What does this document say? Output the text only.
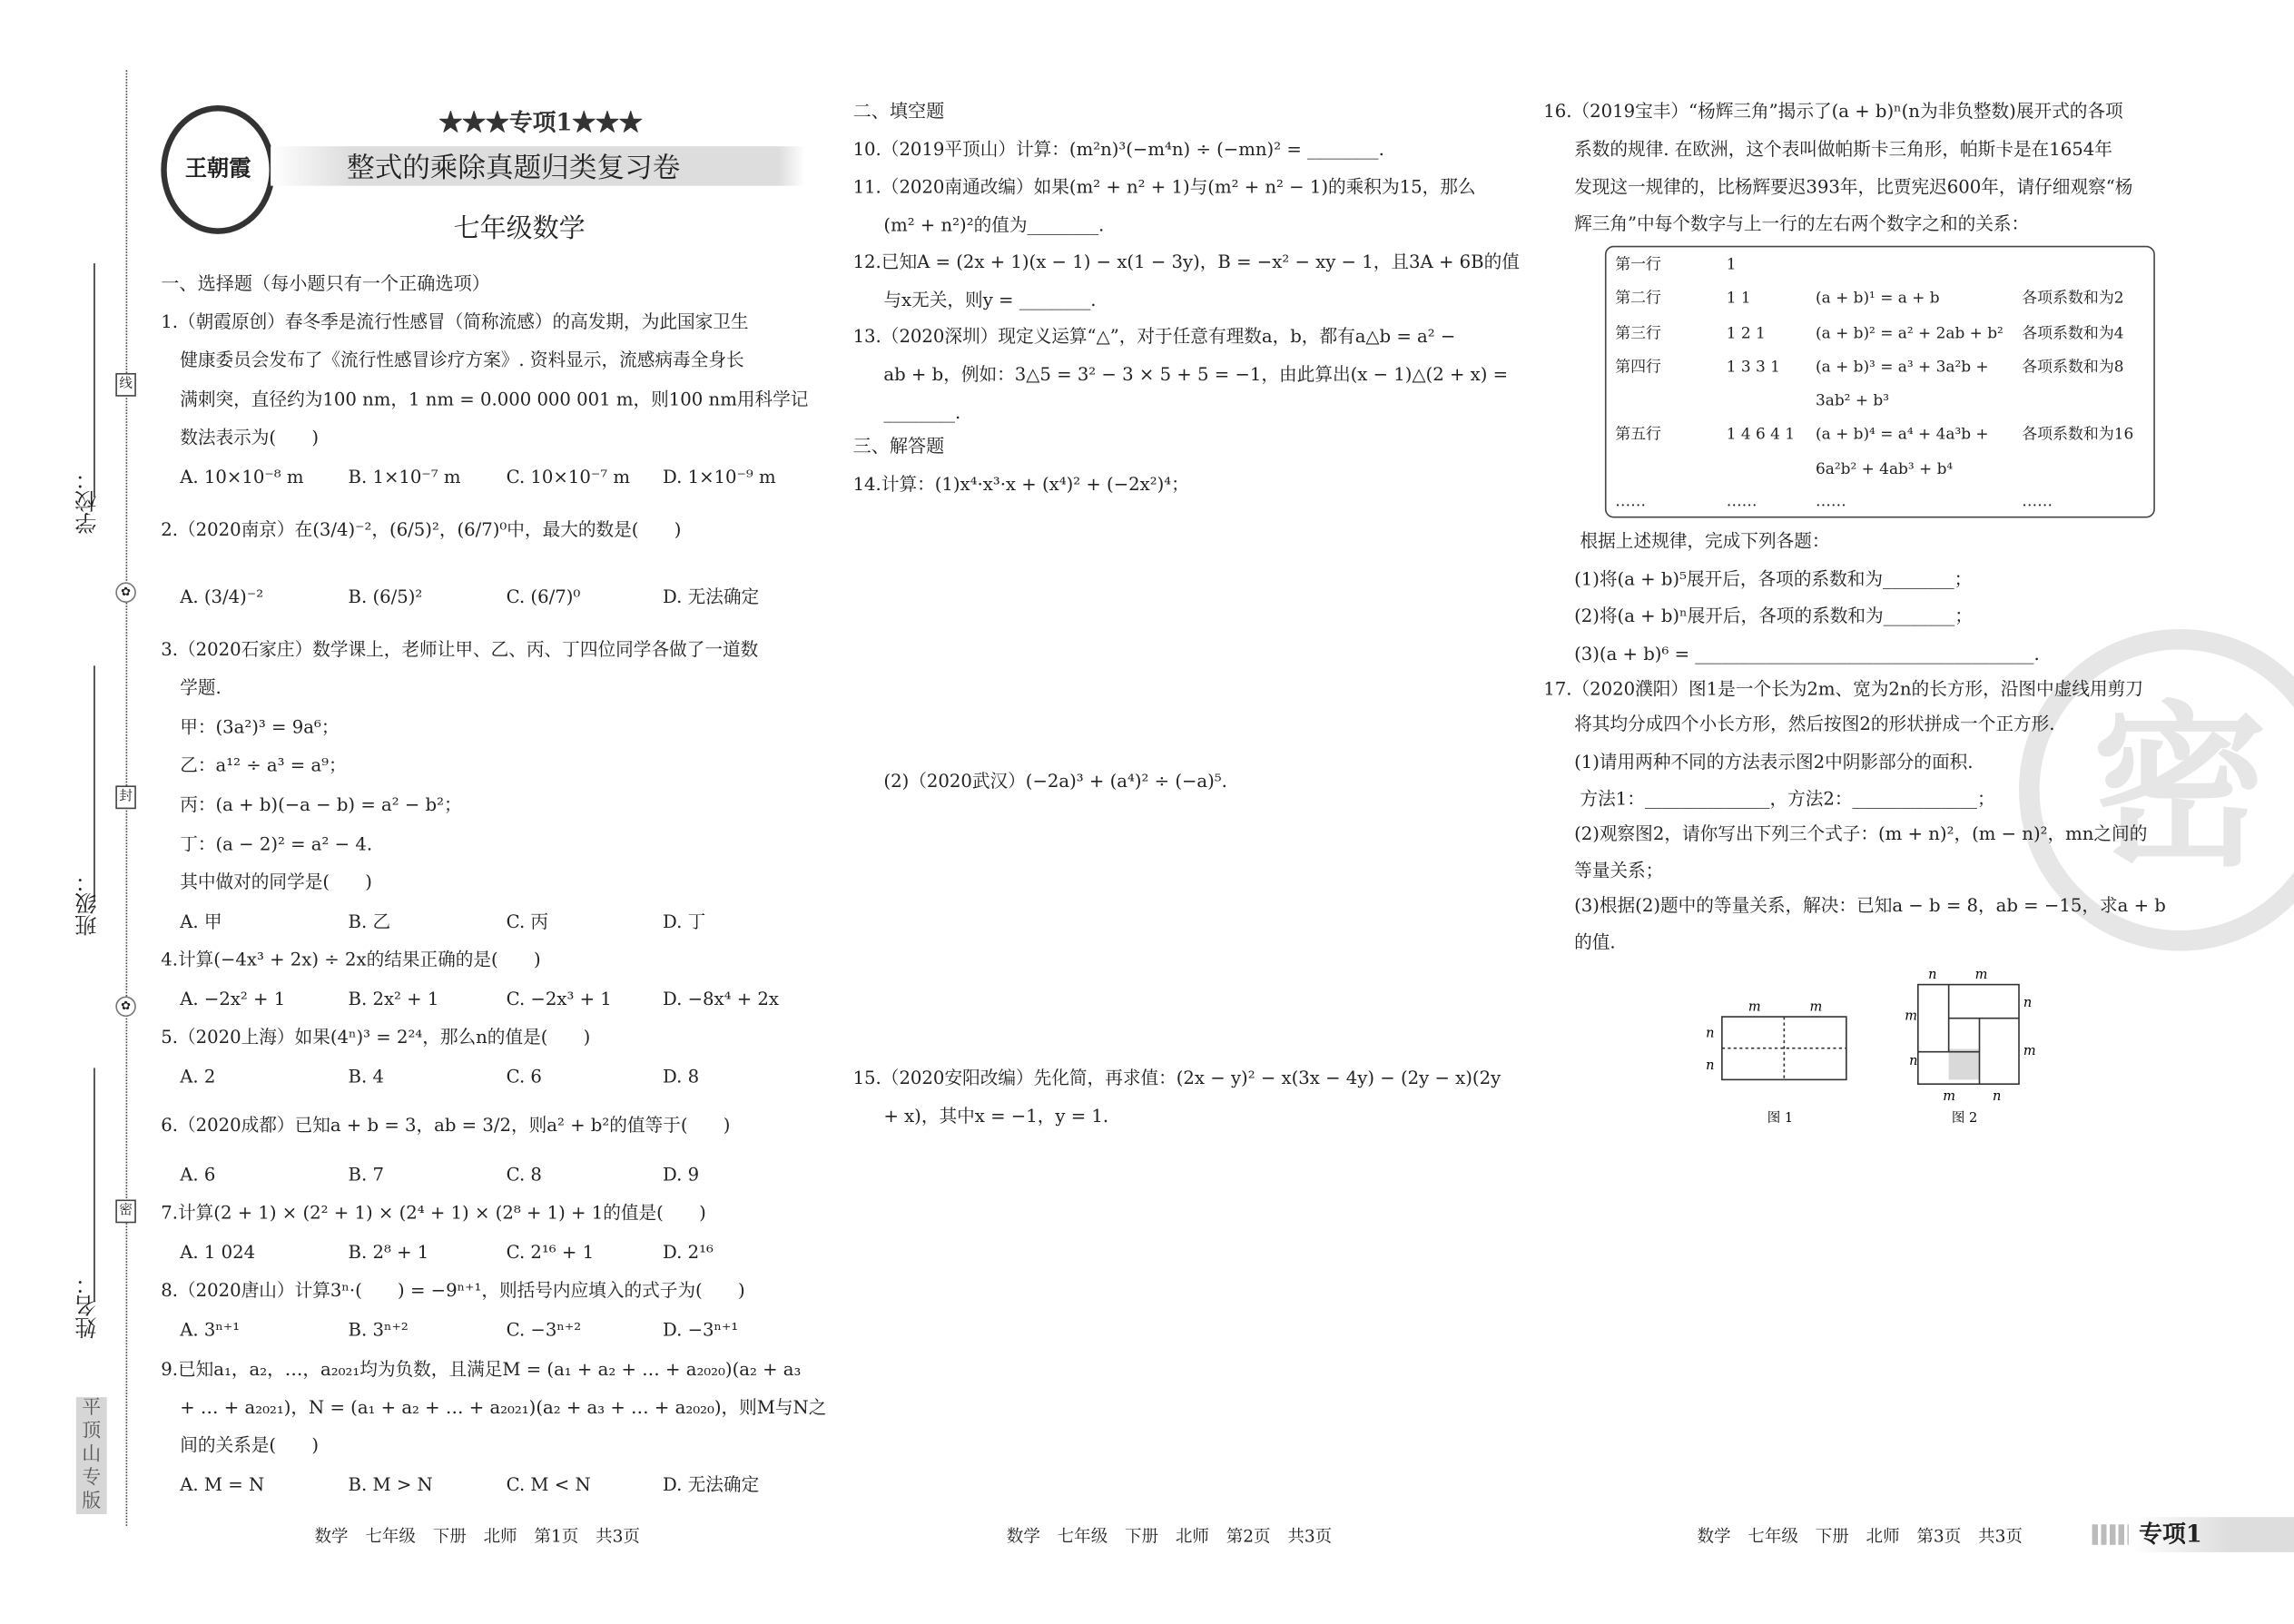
学校：
班级：
姓名：
线
封
密
✿
✿
平顶山专版
王朝霞
★★★专项1★★★
整式的乘除真题归类复习卷
七年级数学
一、选择题（每小题只有一个正确选项）
1.（朝霞原创）春冬季是流行性感冒（简称流感）的高发期，为此国家卫生
健康委员会发布了《流行性感冒诊疗方案》. 资料显示，流感病毒全身长
满刺突，直径约为100 nm，1 nm = 0.000 000 001 m，则100 nm用科学记
数法表示为(　　)
A. 10×10⁻⁸ m	B. 1×10⁻⁷ m	C. 10×10⁻⁷ m	D. 1×10⁻⁹ m
2.（2020南京）在(3/4)⁻²，(6/5)²，(6/7)⁰中，最大的数是(　　)
A. (3/4)⁻²	B. (6/5)²	C. (6/7)⁰	D. 无法确定
3.（2020石家庄）数学课上，老师让甲、乙、丙、丁四位同学各做了一道数
学题.
甲：(3a²)³ = 9a⁶；
乙：a¹² ÷ a³ = a⁹；
丙：(a + b)(−a − b) = a² − b²；
丁：(a − 2)² = a² − 4.
其中做对的同学是(　　)
A. 甲	B. 乙	C. 丙	D. 丁
4.计算(−4x³ + 2x) ÷ 2x的结果正确的是(　　)
A. −2x² + 1	B. 2x² + 1	C. −2x³ + 1	D. −8x⁴ + 2x
5.（2020上海）如果(4ⁿ)³ = 2²⁴，那么n的值是(　　)
A. 2	B. 4	C. 6	D. 8
6.（2020成都）已知a + b = 3，ab = 3/2，则a² + b²的值等于(　　)
A. 6	B. 7	C. 8	D. 9
7.计算(2 + 1) × (2² + 1) × (2⁴ + 1) × (2⁸ + 1) + 1的值是(　　)
A. 1 024	B. 2⁸ + 1	C. 2¹⁶ + 1	D. 2¹⁶
8.（2020唐山）计算3ⁿ·(　　) = −9ⁿ⁺¹，则括号内应填入的式子为(　　)
A. 3ⁿ⁺¹	B. 3ⁿ⁺²	C. −3ⁿ⁺²	D. −3ⁿ⁺¹
9.已知a₁，a₂，…，a₂₀₂₁均为负数，且满足M = (a₁ + a₂ + … + a₂₀₂₀)(a₂ + a₃
+ … + a₂₀₂₁)，N = (a₁ + a₂ + … + a₂₀₂₁)(a₂ + a₃ + … + a₂₀₂₀)，则M与N之
间的关系是(　　)
A. M = N	B. M > N	C. M < N	D. 无法确定
数学 七年级 下册 北师 第1页 共3页
二、填空题
10.（2019平顶山）计算：(m²n)³(−m⁴n) ÷ (−mn)² = ________.
11.（2020南通改编）如果(m² + n² + 1)与(m² + n² − 1)的乘积为15，那么
(m² + n²)²的值为________.
12.已知A = (2x + 1)(x − 1) − x(1 − 3y)，B = −x² − xy − 1，且3A + 6B的值
与x无关，则y = ________.
13.（2020深圳）现定义运算“△”，对于任意有理数a，b，都有a△b = a² −
ab + b，例如：3△5 = 3² − 3 × 5 + 5 = −1，由此算出(x − 1)△(2 + x) =
________.
三、解答题
14.计算：(1)x⁴·x³·x + (x⁴)² + (−2x²)⁴；
(2)（2020武汉）(−2a)³ + (a⁴)² ÷ (−a)⁵.
15.（2020安阳改编）先化简，再求值：(2x − y)² − x(3x − 4y) − (2y − x)(2y
+ x)，其中x = −1，y = 1.
数学 七年级 下册 北师 第2页 共3页
密
16.（2019宝丰）“杨辉三角”揭示了(a + b)ⁿ(n为非负整数)展开式的各项
系数的规律. 在欧洲，这个表叫做帕斯卡三角形，帕斯卡是在1654年
发现这一规律的，比杨辉要迟393年，比贾宪迟600年，请仔细观察“杨
辉三角”中每个数字与上一行的左右两个数字之和的关系：
第一行	1
第二行	1 1	(a + b)¹ = a + b	各项系数和为2
第三行	1 2 1	(a + b)² = a² + 2ab + b² 各项系数和为4
第四行	1 3 3 1	(a + b)³ = a³ + 3a²b +	各项系数和为8
3ab² + b³
第五行	1 4 6 4 1 (a + b)⁴ = a⁴ + 4a³b +	各项系数和为16
6a²b² + 4ab³ + b⁴
……	……	……	……
根据上述规律，完成下列各题：
(1)将(a + b)⁵展开后，各项的系数和为________；
(2)将(a + b)ⁿ展开后，各项的系数和为________；
(3)(a + b)⁶ = ______________________________________.
17.（2020濮阳）图1是一个长为2m、宽为2n的长方形，沿图中虚线用剪刀
将其均分成四个小长方形，然后按图2的形状拼成一个正方形.
(1)请用两种不同的方法表示图2中阴影部分的面积.
方法1：______________，方法2：______________；
(2)观察图2，请你写出下列三个式子：(m + n)²，(m − n)²，mn之间的
等量关系；
(3)根据(2)题中的等量关系，解决：已知a − b = 8，ab = −15，求a + b
的值.
m	m
n
n
图 1
n	m
n
m
m
n
m	n
图 2
数学 七年级 下册 北师 第3页 共3页	专项1
